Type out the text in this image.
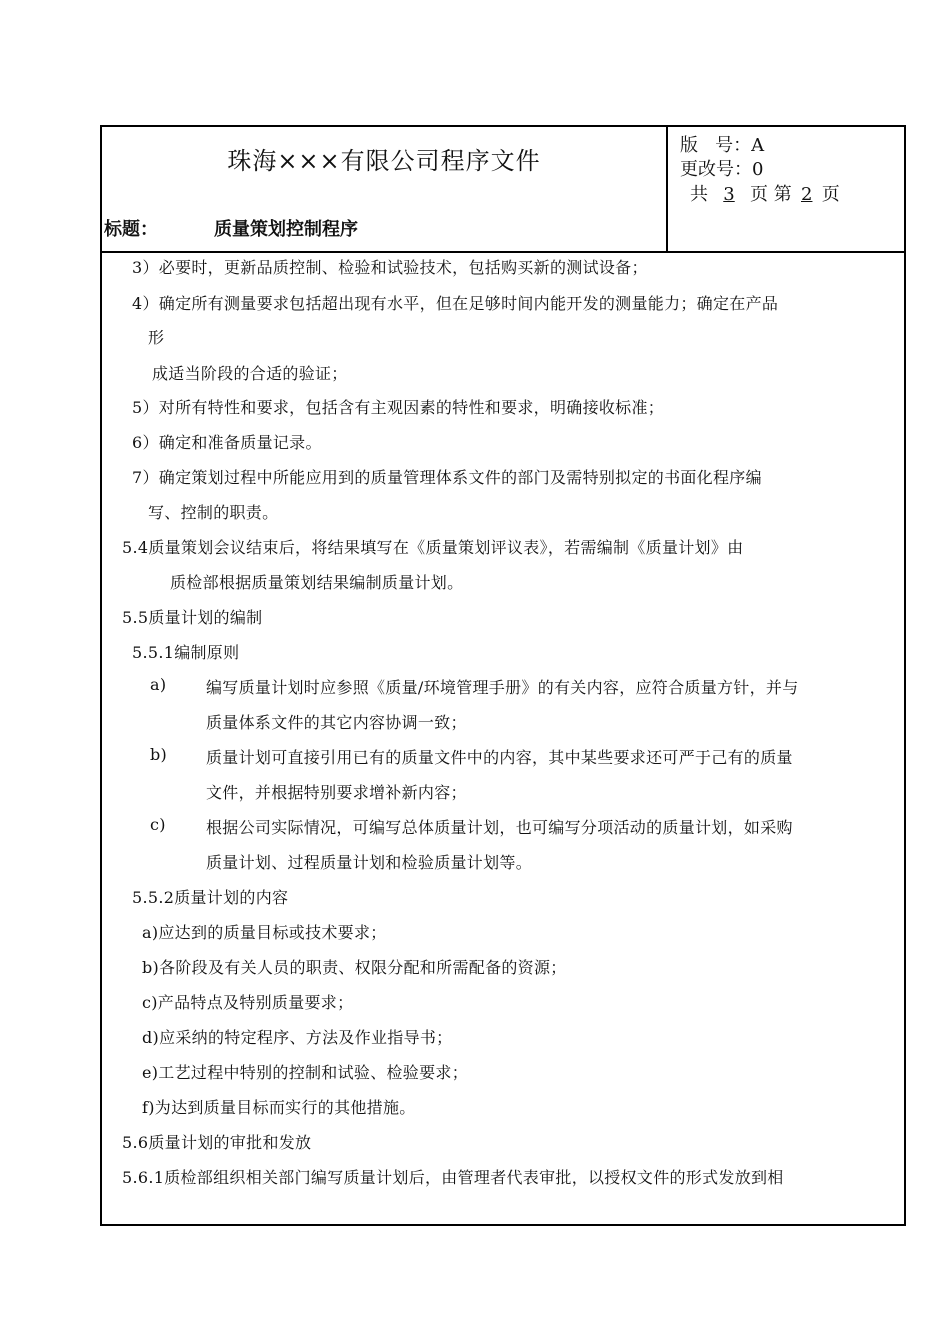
珠海×××有限公司程序文件
标题：	质量策划控制程序
版   号：A
更改号：0
共 3 页 第 2 页
3）必要时，更新品质控制、检验和试验技术，包括购买新的测试设备；
4）确定所有测量要求包括超出现有水平，但在足够时间内能开发的测量能力；确定在产品
形
成适当阶段的合适的验证；
5）对所有特性和要求，包括含有主观因素的特性和要求，明确接收标准；
6）确定和准备质量记录。
7）确定策划过程中所能应用到的质量管理体系文件的部门及需特别拟定的书面化程序编
写、控制的职责。
5.4质量策划会议结束后，将结果填写在《质量策划评议表》，若需编制《质量计划》由
质检部根据质量策划结果编制质量计划。
5.5质量计划的编制
5.5.1编制原则
a) 编写质量计划时应参照《质量/环境管理手册》的有关内容，应符合质量方针，并与
质量体系文件的其它内容协调一致；
b) 质量计划可直接引用已有的质量文件中的内容，其中某些要求还可严于己有的质量
文件，并根据特别要求增补新内容；
c)	根据公司实际情况，可编写总体质量计划，也可编写分项活动的质量计划，如采购
质量计划、过程质量计划和检验质量计划等。
5.5.2质量计划的内容
a)应达到的质量目标或技术要求；
b)各阶段及有关人员的职责、权限分配和所需配备的资源；
c)产品特点及特别质量要求；
d)应采纳的特定程序、方法及作业指导书；
e)工艺过程中特别的控制和试验、检验要求；
f)为达到质量目标而实行的其他措施。
5.6质量计划的审批和发放
5.6.1质检部组织相关部门编写质量计划后，由管理者代表审批，以授权文件的形式发放到相
